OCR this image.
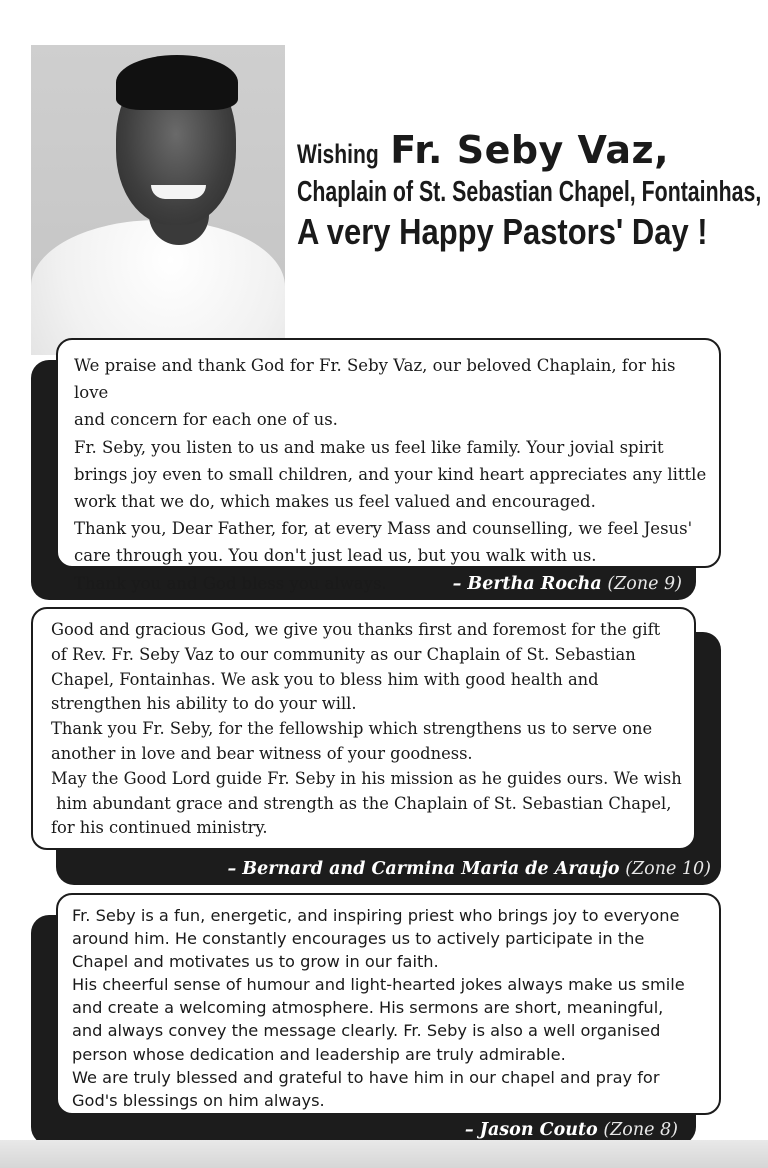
Wishing Fr. Seby Vaz,
Chaplain of St. Sebastian Chapel, Fontainhas,
A very Happy Pastors' Day !

We praise and thank God for Fr. Seby Vaz, our beloved Chaplain, for his love

and concern for each one of us.

Fr. Seby, you listen to us and make us feel like family. Your jovial spirit

brings joy even to small children, and your kind heart appreciates any little

work that we do, which makes us feel valued and encouraged.

Thank you, Dear Father, for, at every Mass and counselling, we feel Jesus'

care through you. You don't just lead us, but you walk with us.

Thank you and God bless you always.	– Bertha Rocha (Zone 9)

Good and gracious God, we give you thanks first and foremost for the gift

of Rev. Fr. Seby Vaz to our community as our Chaplain of St. Sebastian

Chapel, Fontainhas. We ask you to bless him with good health and

strengthen his ability to do your will.

Thank you Fr. Seby, for the fellowship which strengthens us to serve one

another in love and bear witness of your goodness.

May the Good Lord guide Fr. Seby in his mission as he guides ours. We wish

him abundant grace and strength as the Chaplain of St. Sebastian Chapel,

for his continued ministry.

– Bernard and Carmina Maria de Araujo (Zone 10)

Fr. Seby is a fun, energetic, and inspiring priest who brings joy to everyone

around him. He constantly encourages us to actively participate in the

Chapel and motivates us to grow in our faith.

His cheerful sense of humour and light-hearted jokes always make us smile

and create a welcoming atmosphere. His sermons are short, meaningful,

and always convey the message clearly. Fr. Seby is also a well organised

person whose dedication and leadership are truly admirable.

We are truly blessed and grateful to have him in our chapel and pray for

God's blessings on him always.

– Jason Couto (Zone 8)
